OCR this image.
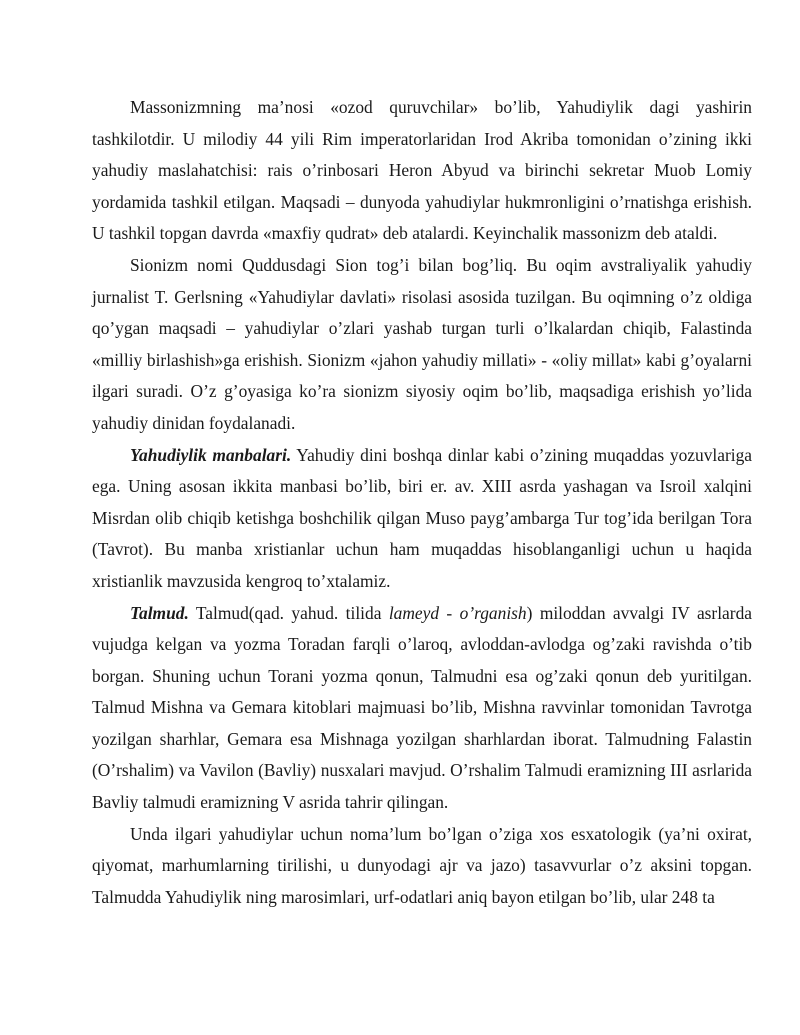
Massonizmning ma’nosi «ozod quruvchilar» bo’lib, Yahudiylik dagi yashirin tashkilotdir. U milodiy 44 yili Rim imperatorlaridan Irod Akriba tomonidan o’zining ikki yahudiy maslahatchisi: rais o’rinbosari Heron Abyud va birinchi sekretar Muob Lomiy yordamida tashkil etilgan. Maqsadi – dunyoda yahudiylar hukmronligini o’rnatishga erishish. U tashkil topgan davrda «maxfiy qudrat» deb atalardi. Keyinchalik massonizm deb ataldi.

Sionizm nomi Quddusdagi Sion tog’i bilan bog’liq. Bu oqim avstraliyalik yahudiy jurnalist T. Gerlsning «Yahudiylar davlati» risolasi asosida tuzilgan. Bu oqimning o’z oldiga qo’ygan maqsadi – yahudiylar o’zlari yashab turgan turli o’lkalardan chiqib, Falastinda «milliy birlashish»ga erishish. Sionizm «jahon yahudiy millati» - «oliy millat» kabi g’oyalarni ilgari suradi. O’z g’oyasiga ko’ra sionizm siyosiy oqim bo’lib, maqsadiga erishish yo’lida yahudiy dinidan foydalanadi.

Yahudiylik manbalari. Yahudiy dini boshqa dinlar kabi o’zining muqaddas yozuvlariga ega. Uning asosan ikkita manbasi bo’lib, biri er. av. XIII asrda yashagan va Isroil xalqini Misrdan olib chiqib ketishga boshchilik qilgan Muso payg’ambarga Tur tog’ida berilgan Tora (Tavrot). Bu manba xristianlar uchun ham muqaddas hisoblanganligi uchun u haqida xristianlik mavzusida kengroq to’xtalamiz.

Talmud. Talmud(qad. yahud. tilida lameyd - o’rganish) miloddan avvalgi IV asrlarda vujudga kelgan va yozma Toradan farqli o’laroq, avloddan-avlodga og’zaki ravishda o’tib borgan. Shuning uchun Torani yozma qonun, Talmudni esa og’zaki qonun deb yuritilgan. Talmud Mishna va Gemara kitoblari majmuasi bo’lib, Mishna ravvinlar tomonidan Tavrotga yozilgan sharhlar, Gemara esa Mishnaga yozilgan sharhlardan iborat. Talmudning Falastin (O’rshalim) va Vavilon (Bavliy) nusxalari mavjud. O’rshalim Talmudi eramizning III asrlarida Bavliy talmudi eramizning V asrida tahrir qilingan.

Unda ilgari yahudiylar uchun noma’lum bo’lgan o’ziga xos esxatologik (ya’ni oxirat, qiyomat, marhumlarning tirilishi, u dunyodagi ajr va jazo) tasavvurlar o’z aksini topgan. Talmudda Yahudiylik ning marosimlari, urf-odatlari aniq bayon etilgan bo’lib, ular 248 ta
